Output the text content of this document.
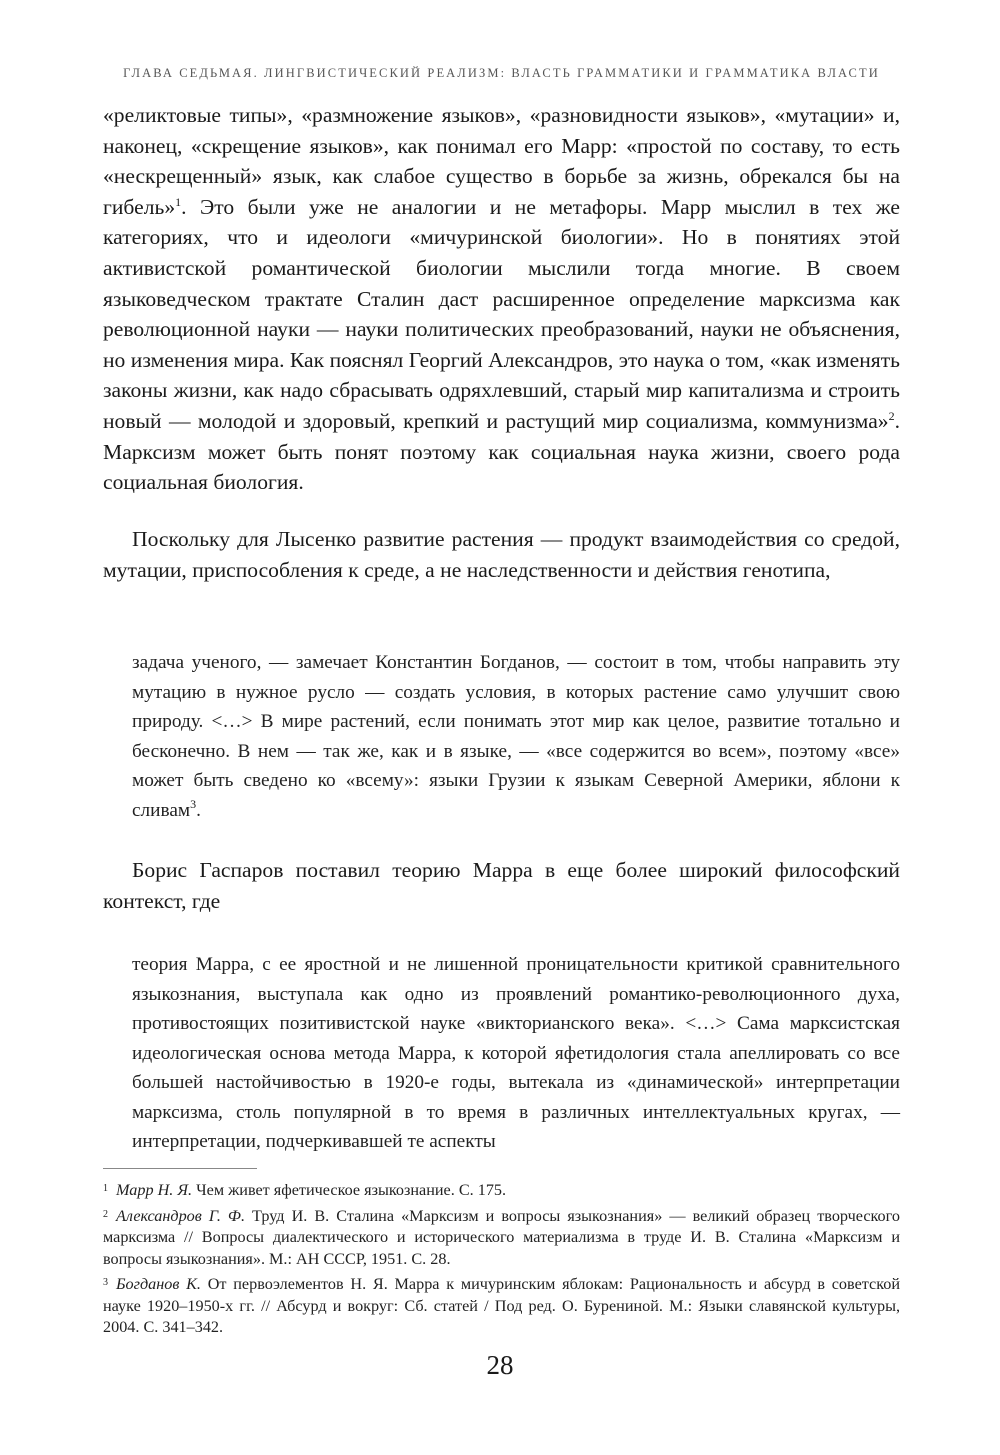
ГЛАВА СЕДЬМАЯ. ЛИНГВИСТИЧЕСКИЙ РЕАЛИЗМ: ВЛАСТЬ ГРАММАТИКИ И ГРАММАТИКА ВЛАСТИ
«реликтовые типы», «размножение языков», «разновидности языков», «мутации» и, наконец, «скрещение языков», как понимал его Марр: «простой по составу, то есть «нескрещенный» язык, как слабое существо в борьбе за жизнь, обрекался бы на гибель»$^1$. Это были уже не аналогии и не метафоры. Марр мыслил в тех же категориях, что и идеологи «мичуринской биологии». Но в понятиях этой активистской романтической биологии мыслили тогда многие. В своем языковедческом трактате Сталин даст расширенное определение марксизма как революционной науки — науки политических преобразований, науки не объяснения, но изменения мира. Как пояснял Георгий Александров, это наука о том, «как изменять законы жизни, как надо сбрасывать одряхлевший, старый мир капитализма и строить новый — молодой и здоровый, крепкий и растущий мир социализма, коммунизма»$^2$. Марксизм может быть понят поэтому как социальная наука жизни, своего рода социальная биология.
Поскольку для Лысенко развитие растения — продукт взаимодействия со средой, мутации, приспособления к среде, а не наследственности и действия генотипа,
задача ученого, — замечает Константин Богданов, — состоит в том, чтобы направить эту мутацию в нужное русло — создать условия, в которых растение само улучшит свою природу. <…> В мире растений, если понимать этот мир как целое, развитие тотально и бесконечно. В нем — так же, как и в языке, — «все содержится во всем», поэтому «все» может быть сведено ко «всему»: языки Грузии к языкам Северной Америки, яблони к сливам$^3$.
Борис Гаспаров поставил теорию Марра в еще более широкий философский контекст, где
теория Марра, с ее яростной и не лишенной проницательности критикой сравнительного языкознания, выступала как одно из проявлений романтико-революционного духа, противостоящих позитивистской науке «викторианского века». <…> Сама марксистская идеологическая основа метода Марра, к которой яфетидология стала апеллировать со все большей настойчивостью в 1920-е годы, вытекала из «динамической» интерпретации марксизма, столь популярной в то время в различных интеллектуальных кругах, — интерпретации, подчеркивавшей те аспекты
$^1$ Марр Н. Я. Чем живет яфетическое языкознание. С. 175.
$^2$ Александров Г. Ф. Труд И. В. Сталина «Марксизм и вопросы языкознания» — великий образец творческого марксизма // Вопросы диалектического и исторического материализма в труде И. В. Сталина «Марксизм и вопросы языкознания». М.: АН СССР, 1951. С. 28.
$^3$ Богданов К. От первоэлементов Н. Я. Марра к мичуринским яблокам: Рациональность и абсурд в советской науке 1920–1950-х гг. // Абсурд и вокруг: Сб. статей / Под ред. О. Бурениной. М.: Языки славянской культуры, 2004. С. 341–342.
28
